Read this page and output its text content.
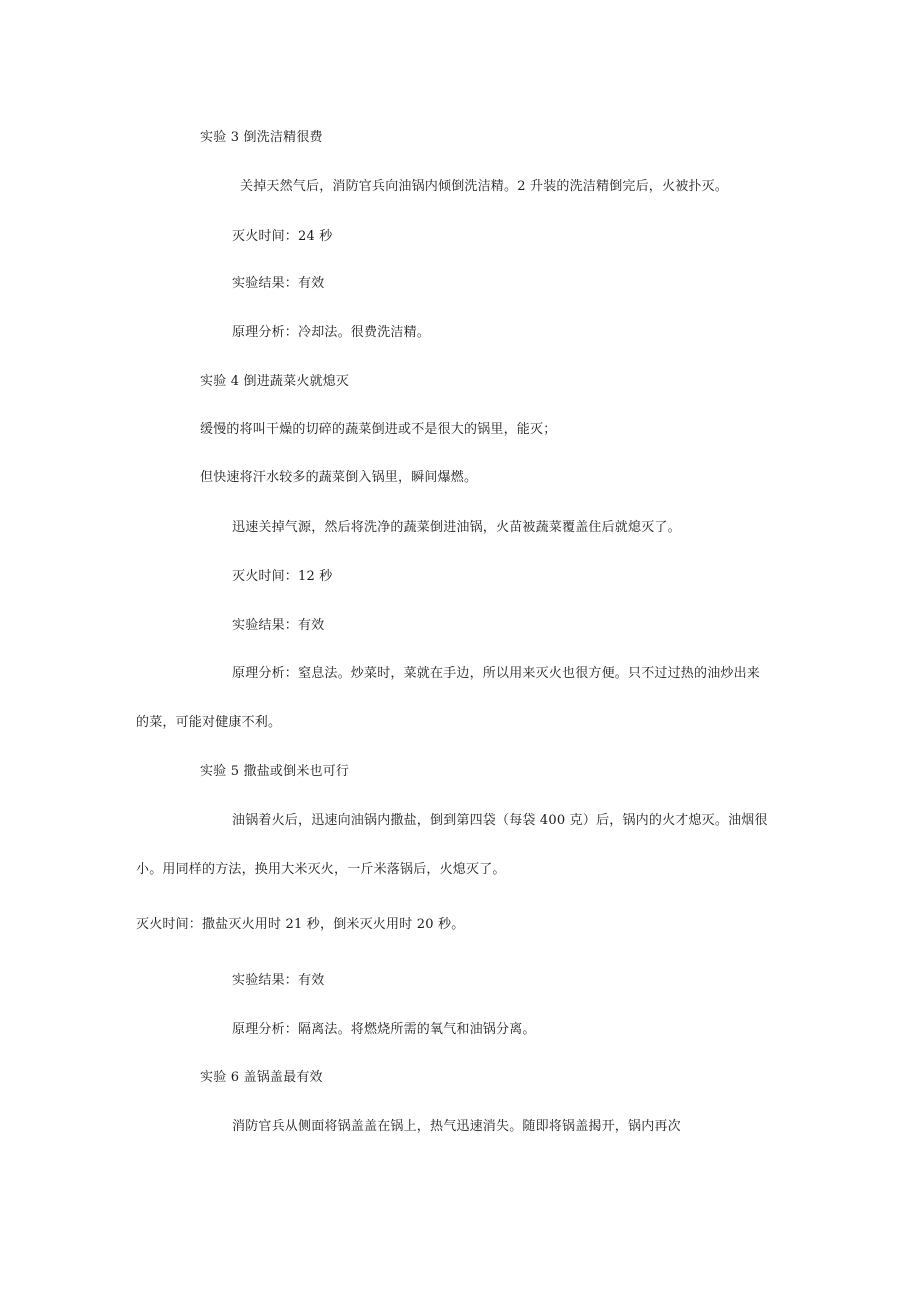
实验 3 倒洗洁精很费
关掉天然气后，消防官兵向油锅内倾倒洗洁精。2 升装的洗洁精倒完后，火被扑灭。
灭火时间：24 秒
实验结果：有效
原理分析：冷却法。很费洗洁精。
实验 4 倒进蔬菜火就熄灭
缓慢的将叫干燥的切碎的蔬菜倒进或不是很大的锅里，能灭；
但快速将汗水较多的蔬菜倒入锅里，瞬间爆燃。
迅速关掉气源，然后将洗净的蔬菜倒进油锅，火苗被蔬菜覆盖住后就熄灭了。
灭火时间：12 秒
实验结果：有效
原理分析：窒息法。炒菜时，菜就在手边，所以用来灭火也很方便。只不过过热的油炒出来
的菜，可能对健康不利。
实验 5 撒盐或倒米也可行
油锅着火后，迅速向油锅内撒盐，倒到第四袋（每袋 400 克）后，锅内的火才熄灭。油烟很
小。用同样的方法，换用大米灭火，一斤米落锅后，火熄灭了。
灭火时间：撒盐灭火用时 21 秒，倒米灭火用时 20 秒。
实验结果：有效
原理分析：隔离法。将燃烧所需的氧气和油锅分离。
实验 6 盖锅盖最有效
消防官兵从侧面将锅盖盖在锅上，热气迅速消失。随即将锅盖揭开，锅内再次
